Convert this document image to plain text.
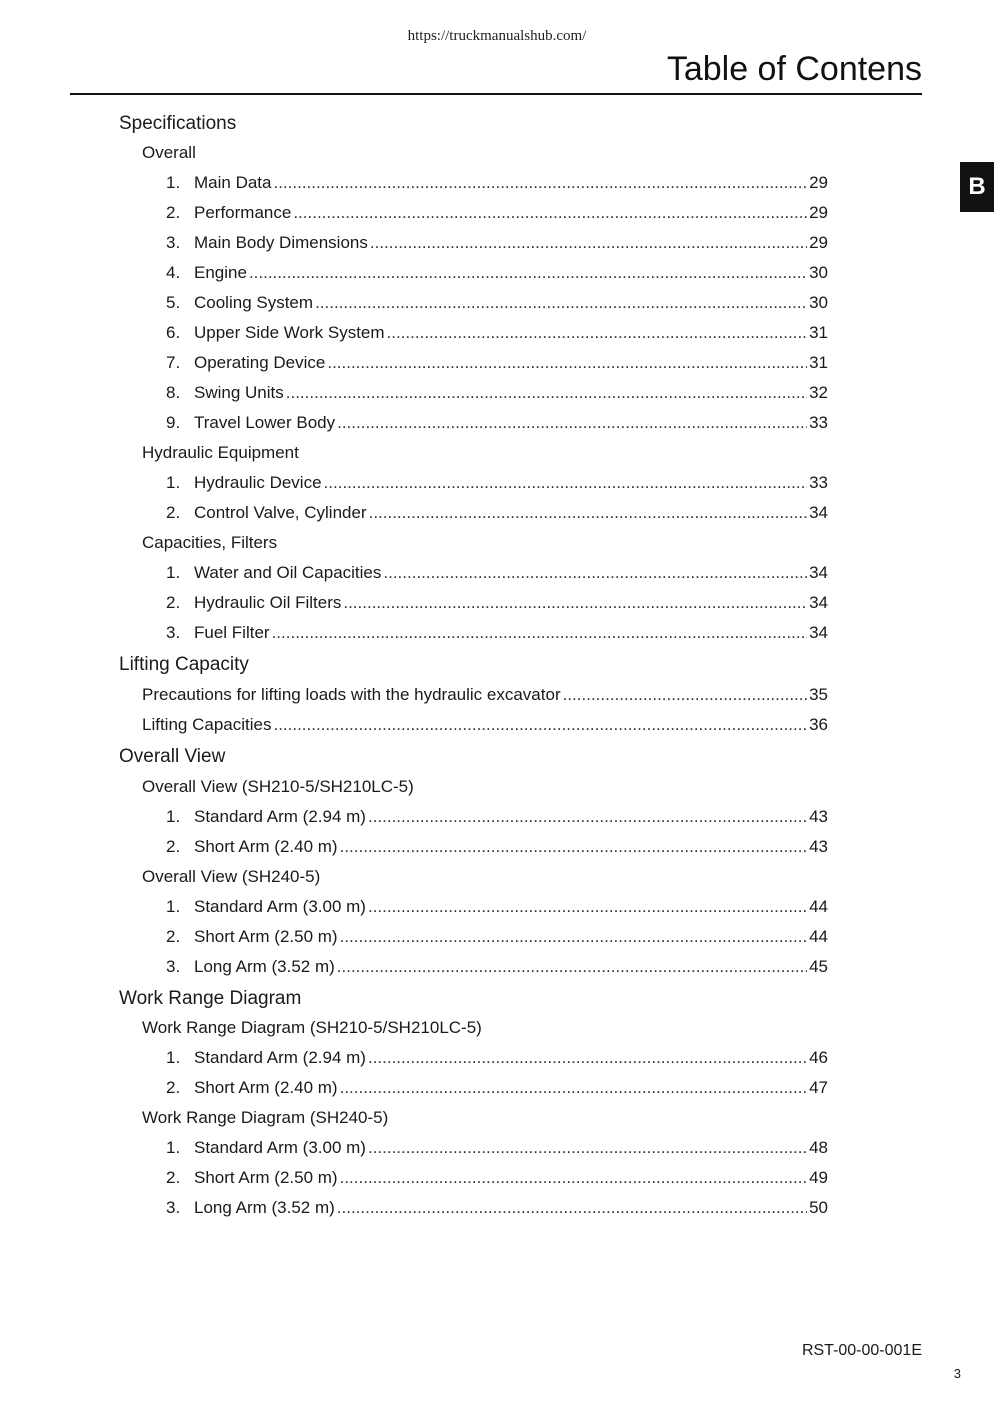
https://truckmanualshub.com/
Table of Contens
B
Specifications
Overall
1. Main Data .....	29
2. Performance .....	29
3. Main Body Dimensions .....	29
4. Engine .....	30
5. Cooling System .....	30
6. Upper Side Work System .....	31
7. Operating Device .....	31
8. Swing Units .....	32
9. Travel Lower Body .....	33
Hydraulic Equipment
1. Hydraulic Device .....	33
2. Control Valve, Cylinder .....	34
Capacities, Filters
1. Water and Oil Capacities .....	34
2. Hydraulic Oil Filters .....	34
3. Fuel Filter .....	34
Lifting Capacity
Precautions for lifting loads with the hydraulic excavator .....	35
Lifting Capacities .....	36
Overall View
Overall View (SH210-5/SH210LC-5)
1. Standard Arm (2.94 m) .....	43
2. Short Arm (2.40 m) .....	43
Overall View (SH240-5)
1. Standard Arm (3.00 m) .....	44
2. Short Arm (2.50 m) .....	44
3. Long Arm (3.52 m) .....	45
Work Range Diagram
Work Range Diagram (SH210-5/SH210LC-5)
1. Standard Arm (2.94 m) .....	46
2. Short Arm (2.40 m) .....	47
Work Range Diagram (SH240-5)
1. Standard Arm (3.00 m) .....	48
2. Short Arm (2.50 m) .....	49
3. Long Arm (3.52 m) .....	50
RST-00-00-001E
3
